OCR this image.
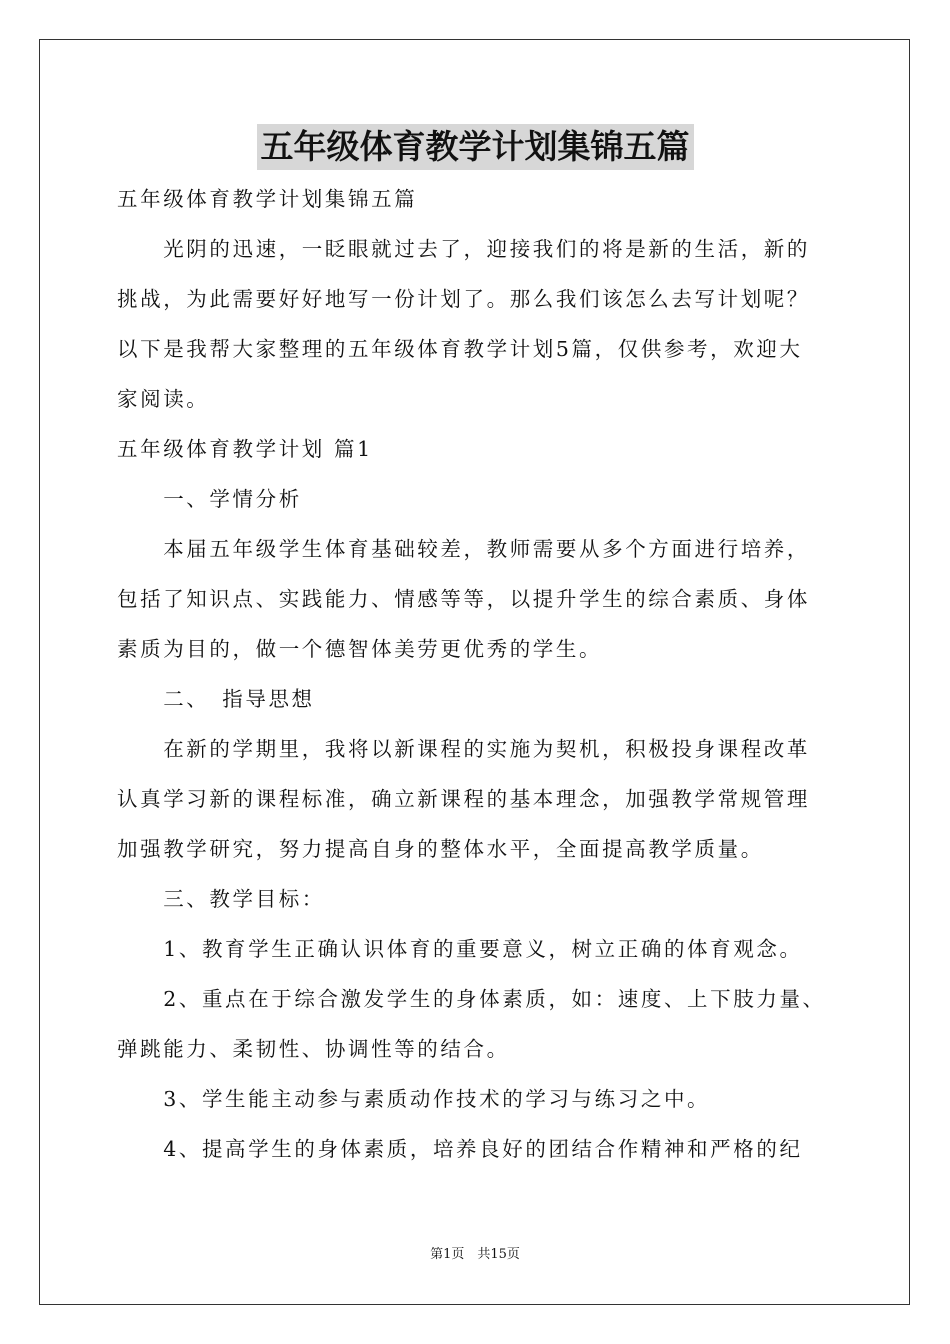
五年级体育教学计划集锦五篇
五年级体育教学计划集锦五篇
　　光阴的迅速，一眨眼就过去了，迎接我们的将是新的生活，新的
挑战，为此需要好好地写一份计划了。那么我们该怎么去写计划呢？
以下是我帮大家整理的五年级体育教学计划5篇，仅供参考，欢迎大
家阅读。
五年级体育教学计划 篇1
　　一、学情分析
　　本届五年级学生体育基础较差，教师需要从多个方面进行培养，
包括了知识点、实践能力、情感等等，以提升学生的综合素质、身体
素质为目的，做一个德智体美劳更优秀的学生。
　　二、　指导思想
　　在新的学期里，我将以新课程的实施为契机，积极投身课程改革
认真学习新的课程标准，确立新课程的基本理念，加强教学常规管理
加强教学研究，努力提高自身的整体水平，全面提高教学质量。
　　三、教学目标：
　　1、教育学生正确认识体育的重要意义，树立正确的体育观念。
　　2、重点在于综合激发学生的身体素质，如：速度、上下肢力量、
弹跳能力、柔韧性、协调性等的结合。
　　3、学生能主动参与素质动作技术的学习与练习之中。
　　4、提高学生的身体素质，培养良好的团结合作精神和严格的纪
第1页　共15页
